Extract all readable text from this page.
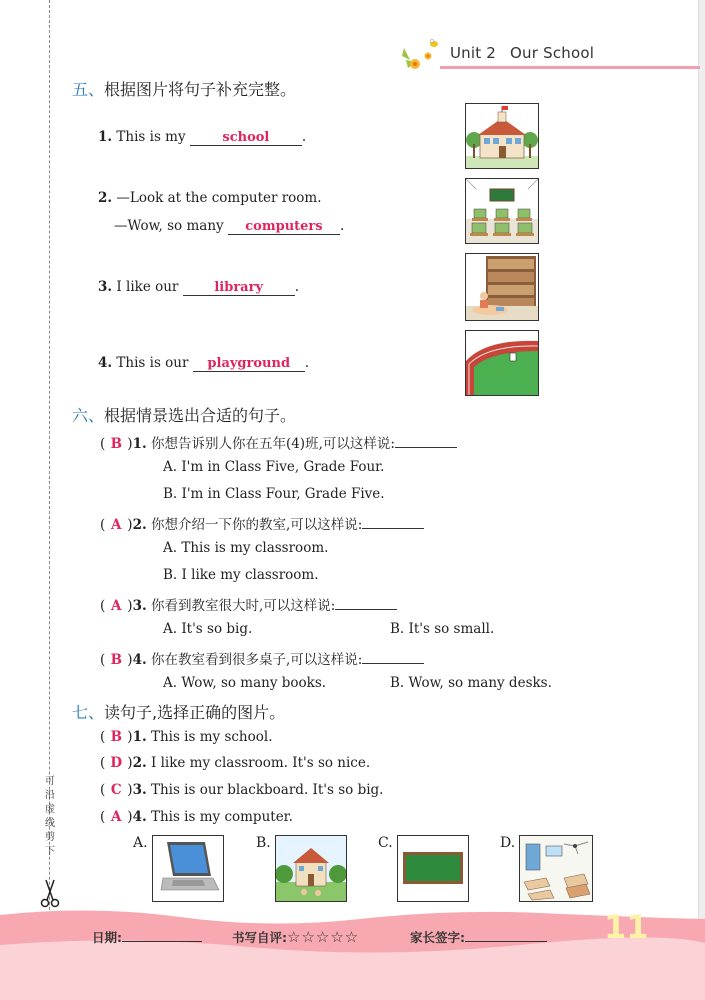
可
沿
虚
线
剪
下
Unit 2 Our School
五、根据图片将句子补充完整。
1. This is my	school .
2. —Look at the computer room.
—Wow, so many computers .
3. I like our library .
4. This is our playground .
六、根据情景选出合适的句子。
( B )1. 你想告诉别人你在五年(4)班,可以这样说:
A. I'm in Class Five, Grade Four.
B. I'm in Class Four, Grade Five.
( A )2. 你想介绍一下你的教室,可以这样说:
A. This is my classroom.
B. I like my classroom.
( A )3. 你看到教室很大时,可以这样说:
A. It's so big.	B. It's so small.
( B )4. 你在教室看到很多桌子,可以这样说:
A. Wow, so many books.	B. Wow, so many desks.
七、读句子,选择正确的图片。
( B )1. This is my school.
( D )2. I like my classroom. It's so nice.
( C )3. This is our blackboard. It's so big.
( A )4. This is my computer.
A.	B.	C.	D.
日期:	书写自评:☆☆☆☆☆	家长签字:	11
